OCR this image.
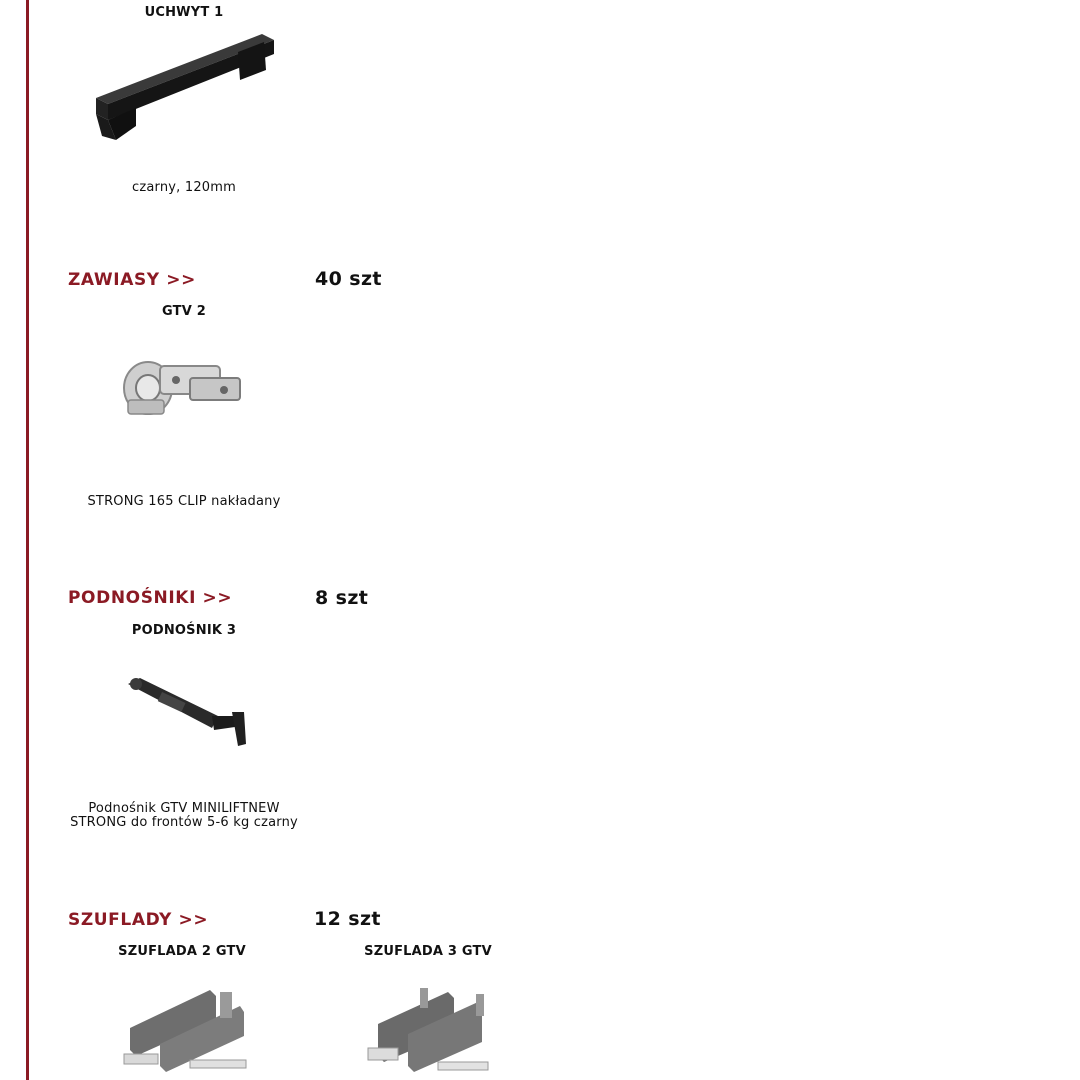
UCHWYT 1
czarny, 120mm
ZAWIASY >>	40 szt
GTV 2
STRONG 165 CLIP nakładany
PODNOŚNIKI >>	8 szt
PODNOŚNIK 3
Podnośnik GTV MINILIFTNEW STRONG do frontów 5-6 kg czarny
SZUFLADY >>	12 szt
SZUFLADA 2 GTV	SZUFLADA 3 GTV
